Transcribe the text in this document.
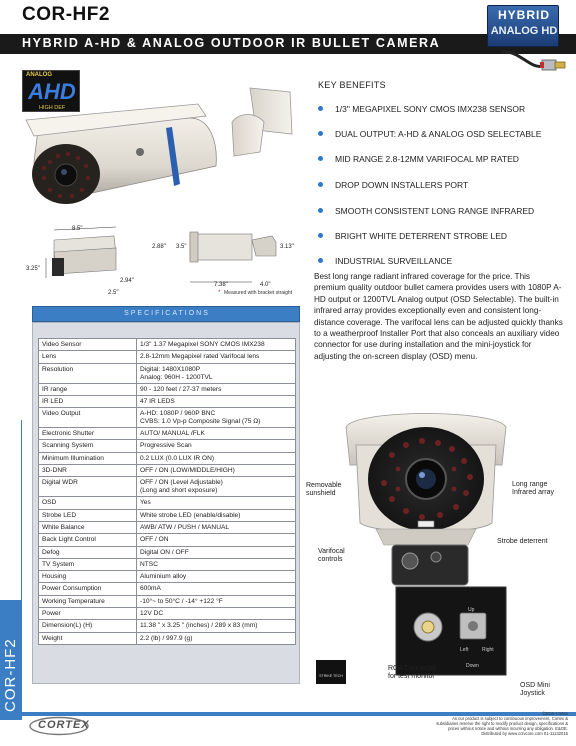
COR-HF2
HYBRID A-HD & ANALOG OUTDOOR IR BULLET CAMERA
HYBRID
ANALOG HD
ANALOG
AHD
HIGH DEF
8.5"
3.25"
2.94"
2.5"
2.88" 3.5"	3.13"
7.38"	4.0"
* Measured with bracket straight
KEY BENEFITS
1/3" MEGAPIXEL SONY CMOS IMX238 SENSOR
DUAL OUTPUT: A-HD & ANALOG OSD SELECTABLE
MID RANGE 2.8-12MM VARIFOCAL MP RATED
DROP DOWN INSTALLERS PORT
SMOOTH CONSISTENT LONG RANGE INFRARED
BRIGHT WHITE DETERRENT STROBE LED
INDUSTRIAL SURVEILLANCE
Best long range radiant infrared coverage for the price. This premium quality outdoor bullet camera provides users with 1080P A-HD output or 1200TVL Analog output (OSD Selectable). The built-in infrared array provides exceptionally even and consistent long-distance coverage. The varifocal lens can be adjusted quickly thanks to a weatherproof Installer Port that also conceals an auxiliary video connector for use during installation and the mini-joystick for adjusting the on-screen display (OSD) menu.
SPECIFICATIONS
Video Sensor	1/3" 1.37 Megapixel SONY CMOS IMX238
Lens	2.8-12mm Megapixel rated Varifocal lens
Resolution	Digital: 1480X1080P
Analog: 960H - 1200TVL
IR range	90 - 120 feet / 27-37 meters
IR LED	47 IR LEDS
Video Output	A-HD: 1080P / 960P BNC
CVBS: 1.0 Vp-p Composite Signal (75 Ω)
Electronic Shutter	AUTO/ MANUAL /FLK
Scanning System	Progressive Scan
Minimum Illumination	0.2 LUX (0.0 LUX IR ON)
3D-DNR	OFF / ON (LOW/MIDDLE/HIGH)
Digital WDR	OFF / ON (Level Adjustable)
(Long and short exposure)
OSD	Yes
Strobe LED	White strobe LED (enable/disable)
White Balance	AWB/ ATW / PUSH / MANUAL
Back Light Control	OFF / ON
Defog	Digital ON / OFF
TV System	NTSC
Housing	Aluminium alloy
Power Consumption	600mA
Working Temperature	-10°~ to 50°C / -14° +122 °F
Power	12V DC
Dimension(L) (H)	11.38 " x 3.25 " (inches) / 289 x 83 (mm)
Weight	2.2 (lb) / 997.9 (g)
COR-HF2	Left	Right
Up
Down
Removable
sunshield
Long range
Infrared array
Strobe deterrent
Varifocal
controls
RCA Connector
for test monitor
OSD Mini
Joystick
STRIKE TECH
CORTEX
©2015 Cortex
As our product is subject to continuous improvement, Cortex &
subsidiaries reserve the right to modify product design, specifications &
prices without notice and without incurring any obligation. E&OE.
Distributed by www.cctvcore.com 01-11132015
